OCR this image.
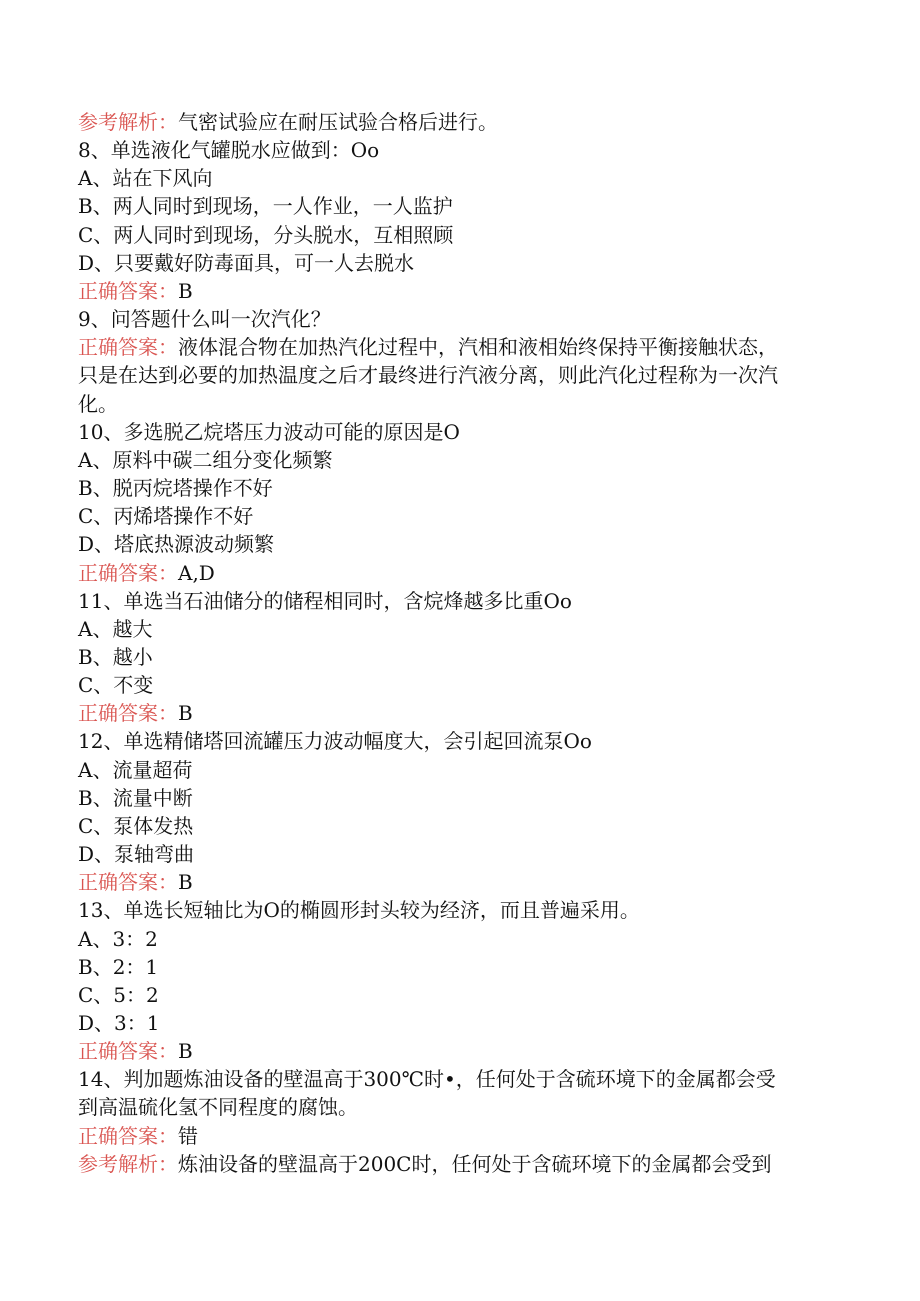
参考解析：气密试验应在耐压试验合格后进行。
8、单选液化气罐脱水应做到：Oo
A、站在下风向
B、两人同时到现场，一人作业，一人监护
C、两人同时到现场，分头脱水，互相照顾
D、只要戴好防毒面具，可一人去脱水
正确答案：B
9、问答题什么叫一次汽化？
正确答案：液体混合物在加热汽化过程中，汽相和液相始终保持平衡接触状态，
只是在达到必要的加热温度之后才最终进行汽液分离，则此汽化过程称为一次汽
化。
10、多选脱乙烷塔压力波动可能的原因是O
A、原料中碳二组分变化频繁
B、脱丙烷塔操作不好
C、丙烯塔操作不好
D、塔底热源波动频繁
正确答案：A,D
11、单选当石油储分的储程相同时，含烷烽越多比重Oo
A、越大
B、越小
C、不变
正确答案：B
12、单选精储塔回流罐压力波动幅度大，会引起回流泵Oo
A、流量超荷
B、流量中断
C、泵体发热
D、泵轴弯曲
正确答案：B
13、单选长短轴比为O的椭圆形封头较为经济，而且普遍采用。
A、3：2
B、2：1
C、5：2
D、3：1
正确答案：B
14、判加题炼油设备的壁温高于300℃时•，任何处于含硫环境下的金属都会受
到高温硫化氢不同程度的腐蚀。
正确答案：错
参考解析：炼油设备的壁温高于200C时，任何处于含硫环境下的金属都会受到
